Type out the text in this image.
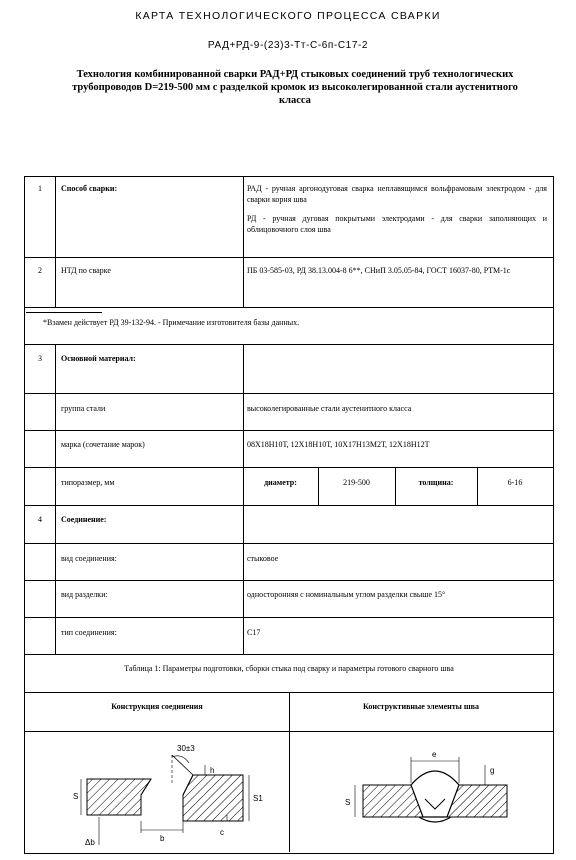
КАРТА ТЕХНОЛОГИЧЕСКОГО ПРОЦЕССА СВАРКИ
РАД+РД-9-(23)3-Тт-С-6п-С17-2
Технология комбинированной сварки РАД+РД стыковых соединений труб технологических трубопроводов D=219-500 мм с разделкой кромок из высоколегированной стали аустенитного класса
1	Способ сварки:	РАД - ручная аргонодуговая сварка неплавящимся вольфрамовым электродом - для сварки корня шва
РД - ручная дуговая покрытыми электродами - для сварки заполняющих и облицовочного слоя шва
2	НТД по сварке	ПБ 03-585-03, РД 38.13.004-8 6**, СНиП 3.05.05-84, ГОСТ 16037-80, РТМ-1с
*Взамен действует РД 39-132-94. - Примечание изготовителя базы данных.
3	Основной материал:
группа стали	высоколегированные стали аустенитного класса
марка (сочетание марок)	08Х18Н10Т, 12Х18Н10Т, 10Х17Н13М2Т, 12Х18Н12Т
типоразмер, мм	диаметр:	219-500	толщина:	6-16
4	Соединение:
вид соединения:	стыковое
вид разделки:	односторонняя с номинальным углом разделки свыше 15°
тип соединения:	С17
Таблица 1: Параметры подготовки, сборки стыка под сварку и параметры готового сварного шва
Конструкция соединения	Конструктивные элементы шва
30±3
h
S	S1
c
b
Δb
e
g
S
